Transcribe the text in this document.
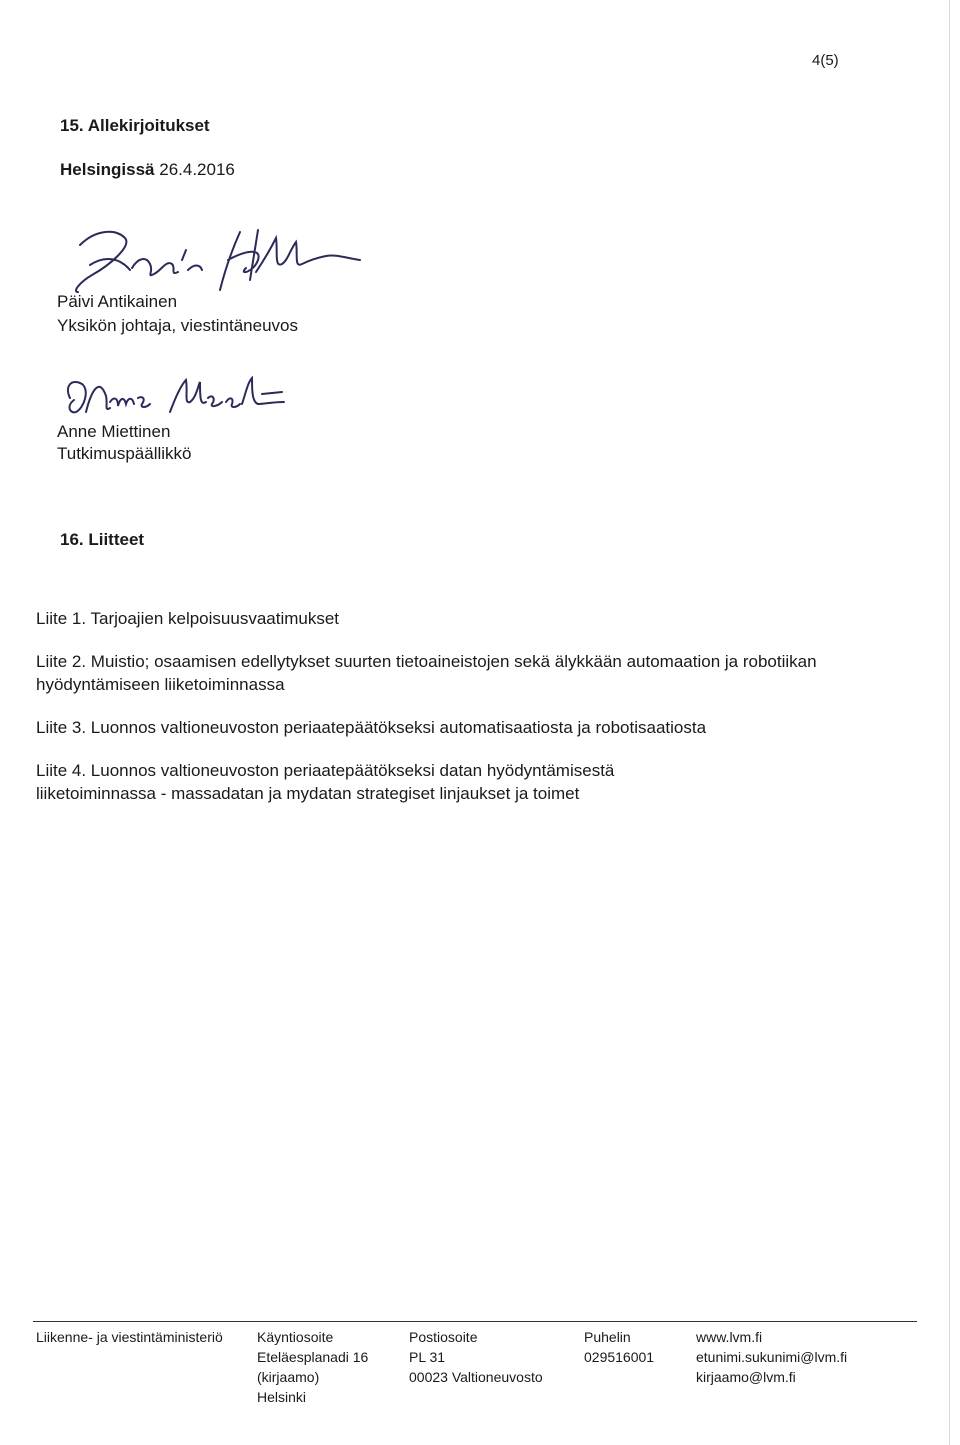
4(5)
15. Allekirjoitukset
Helsingissä 26.4.2016
Päivi Antikainen
Yksikön johtaja, viestintäneuvos
Anne Miettinen
Tutkimuspäällikkö
16. Liitteet

Liite 1. Tarjoajien kelpoisuusvaatimukset

Liite 2. Muistio; osaamisen edellytykset suurten tietoaineistojen sekä älykkään automaation ja robotiikan hyödyntämiseen liiketoiminnassa

Liite 3. Luonnos valtioneuvoston periaatepäätökseksi automatisaatiosta ja robotisaatiosta

Liite 4. Luonnos valtioneuvoston periaatepäätökseksi datan hyödyntämisestä liiketoiminnassa - massadatan ja mydatan strategiset linjaukset ja toimet

Liikenne- ja viestintäministeriö Käyntiosoite
Eteläesplanadi 16
(kirjaamo)
Helsinki
Postiosoite
PL 31
00023 Valtioneuvosto
Puhelin
029516001
www.lvm.fi
etunimi.sukunimi@lvm.fi
kirjaamo@lvm.fi
